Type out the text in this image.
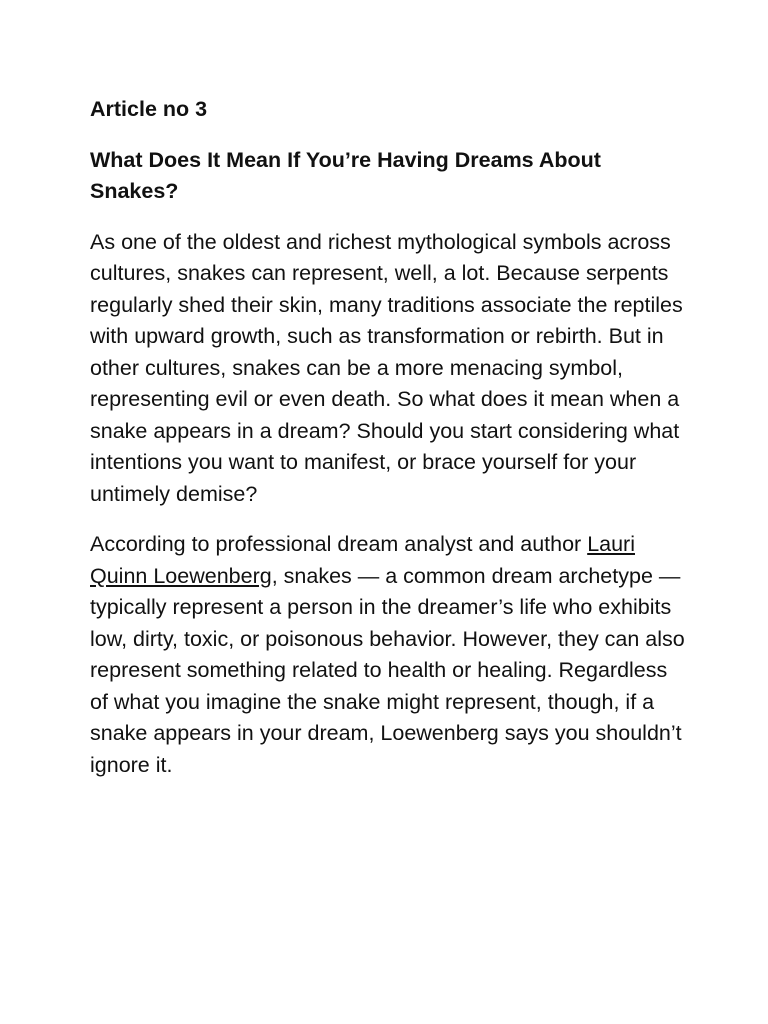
Article no 3
What Does It Mean If You’re Having Dreams About Snakes?

As one of the oldest and richest mythological symbols across cultures, snakes can represent, well, a lot. Because serpents regularly shed their skin, many traditions associate the reptiles with upward growth, such as transformation or rebirth. But in other cultures, snakes can be a more menacing symbol, representing evil or even death. So what does it mean when a snake appears in a dream? Should you start considering what intentions you want to manifest, or brace yourself for your untimely demise?

According to professional dream analyst and author Lauri Quinn Loewenberg, snakes — a common dream archetype — typically represent a person in the dreamer’s life who exhibits low, dirty, toxic, or poisonous behavior. However, they can also represent something related to health or healing. Regardless of what you imagine the snake might represent, though, if a snake appears in your dream, Loewenberg says you shouldn’t ignore it.
